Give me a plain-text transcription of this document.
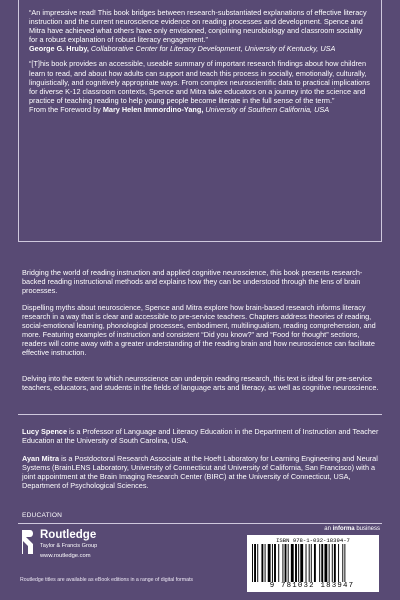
“An impressive read! This book bridges between research-substantiated explanations of effective literacy instruction and the current neuroscience evidence on reading processes and development. Spence and Mitra have achieved what others have only envisioned, conjoining neurobiology and classroom sociality for a robust explanation of robust literacy engagement.”
George G. Hruby, Collaborative Center for Literacy Development, University of Kentucky, USA

“[T]his book provides an accessible, useable summary of important research findings about how children learn to read, and about how adults can support and teach this process in socially, emotionally, culturally, linguistically, and cognitively appropriate ways. From complex neuroscientific data to practical implications for diverse K-12 classroom contexts, Spence and Mitra take educators on a journey into the science and practice of teaching reading to help young people become literate in the full sense of the term.”
From the Foreword by Mary Helen Immordino-Yang, University of Southern California, USA

Bridging the world of reading instruction and applied cognitive neuroscience, this book presents research-backed reading instructional methods and explains how they can be understood through the lens of brain processes.

Dispelling myths about neuroscience, Spence and Mitra explore how brain-based research informs literacy research in a way that is clear and accessible to pre-service teachers. Chapters address theories of reading, social-emotional learning, phonological processes, embodiment, multilingualism, reading comprehension, and more. Featuring examples of instruction and consistent “Did you know?” and “Food for thought” sections, readers will come away with a greater understanding of the reading brain and how neuroscience can facilitate effective instruction.

Delving into the extent to which neuroscience can underpin reading research, this text is ideal for pre-service teachers, educators, and students in the fields of language arts and literacy, as well as cognitive neuroscience.

Lucy Spence is a Professor of Language and Literacy Education in the Department of Instruction and Teacher Education at the University of South Carolina, USA.

Ayan Mitra is a Postdoctoral Research Associate at the Hoeft Laboratory for Learning Engineering and Neural Systems (BrainLENS Laboratory, University of Connecticut and University of California, San Francisco) with a joint appointment at the Brain Imaging Research Center (BIRC) at the University of Connecticut, USA, Department of Psychological Sciences.

EDUCATION
Routledge
Taylor & Francis Group
www.routledge.com
an informa business
ISBN 978-1-032-18394-7
9 781032 183947
Routledge titles are available as eBook editions in a range of digital formats
